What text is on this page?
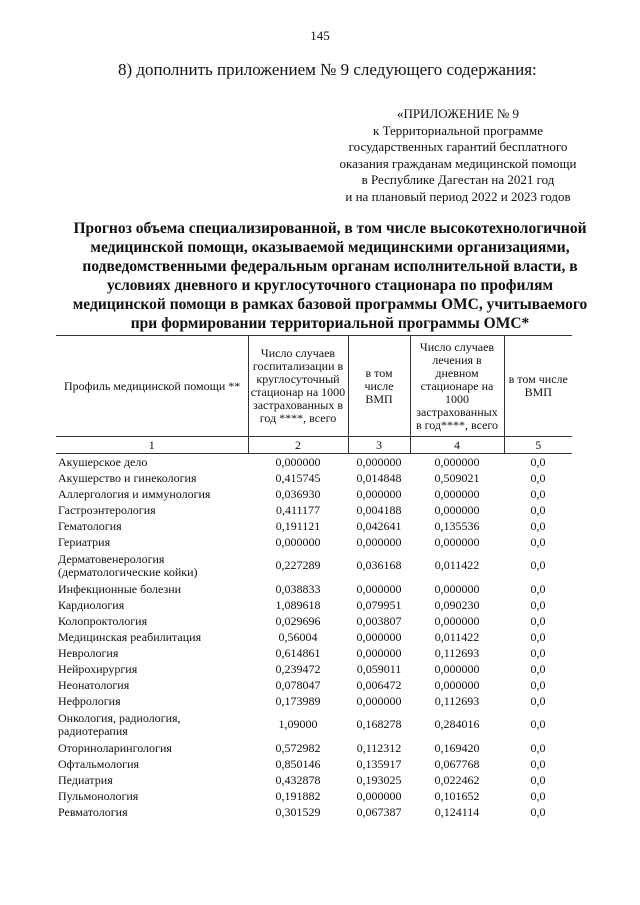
145
8) дополнить приложением № 9 следующего содержания:
«ПРИЛОЖЕНИЕ № 9
к Территориальной программе
государственных гарантий бесплатного
оказания гражданам медицинской помощи
в Республике Дагестан на 2021 год
и на плановый период 2022 и 2023 годов
Прогноз объема специализированной, в том числе высокотехнологичной
медицинской помощи, оказываемой медицинскими организациями,
подведомственными федеральным органам исполнительной власти, в
условиях дневного и круглосуточного стационара по профилям
медицинской помощи в рамках базовой программы ОМС, учитываемого
при формировании территориальной программы ОМС*
Профиль медицинской помощи **	Число случаев госпитализации в круглосуточный стационар на 1000 застрахованных в год ****, всего	в том числе ВМП	Число случаев лечения в дневном стационаре на 1000 застрахованных в год****, всего	в том числе ВМП
1	2	3	4	5
Акушерское дело	0,000000	0,000000	0,000000	0,0
Акушерство и гинекология	0,415745	0,014848	0,509021	0,0
Аллергология и иммунология	0,036930	0,000000	0,000000	0,0
Гастроэнтерология	0,411177	0,004188	0,000000	0,0
Гематология	0,191121	0,042641	0,135536	0,0
Гериатрия	0,000000	0,000000	0,000000	0,0
Дерматовенерология (дерматологические койки)	0,227289	0,036168	0,011422	0,0
Инфекционные болезни	0,038833	0,000000	0,000000	0,0
Кардиология	1,089618	0,079951	0,090230	0,0
Колопроктология	0,029696	0,003807	0,000000	0,0
Медицинская реабилитация	0,56004	0,000000	0,011422	0,0
Неврология	0,614861	0,000000	0,112693	0,0
Нейрохирургия	0,239472	0,059011	0,000000	0,0
Неонатология	0,078047	0,006472	0,000000	0,0
Нефрология	0,173989	0,000000	0,112693	0,0
Онкология, радиология, радиотерапия	1,09000	0,168278	0,284016	0,0
Оториноларингология	0,572982	0,112312	0,169420	0,0
Офтальмология	0,850146	0,135917	0,067768	0,0
Педиатрия	0,432878	0,193025	0,022462	0,0
Пульмонология	0,191882	0,000000	0,101652	0,0
Ревматология	0,301529	0,067387	0,124114	0,0
